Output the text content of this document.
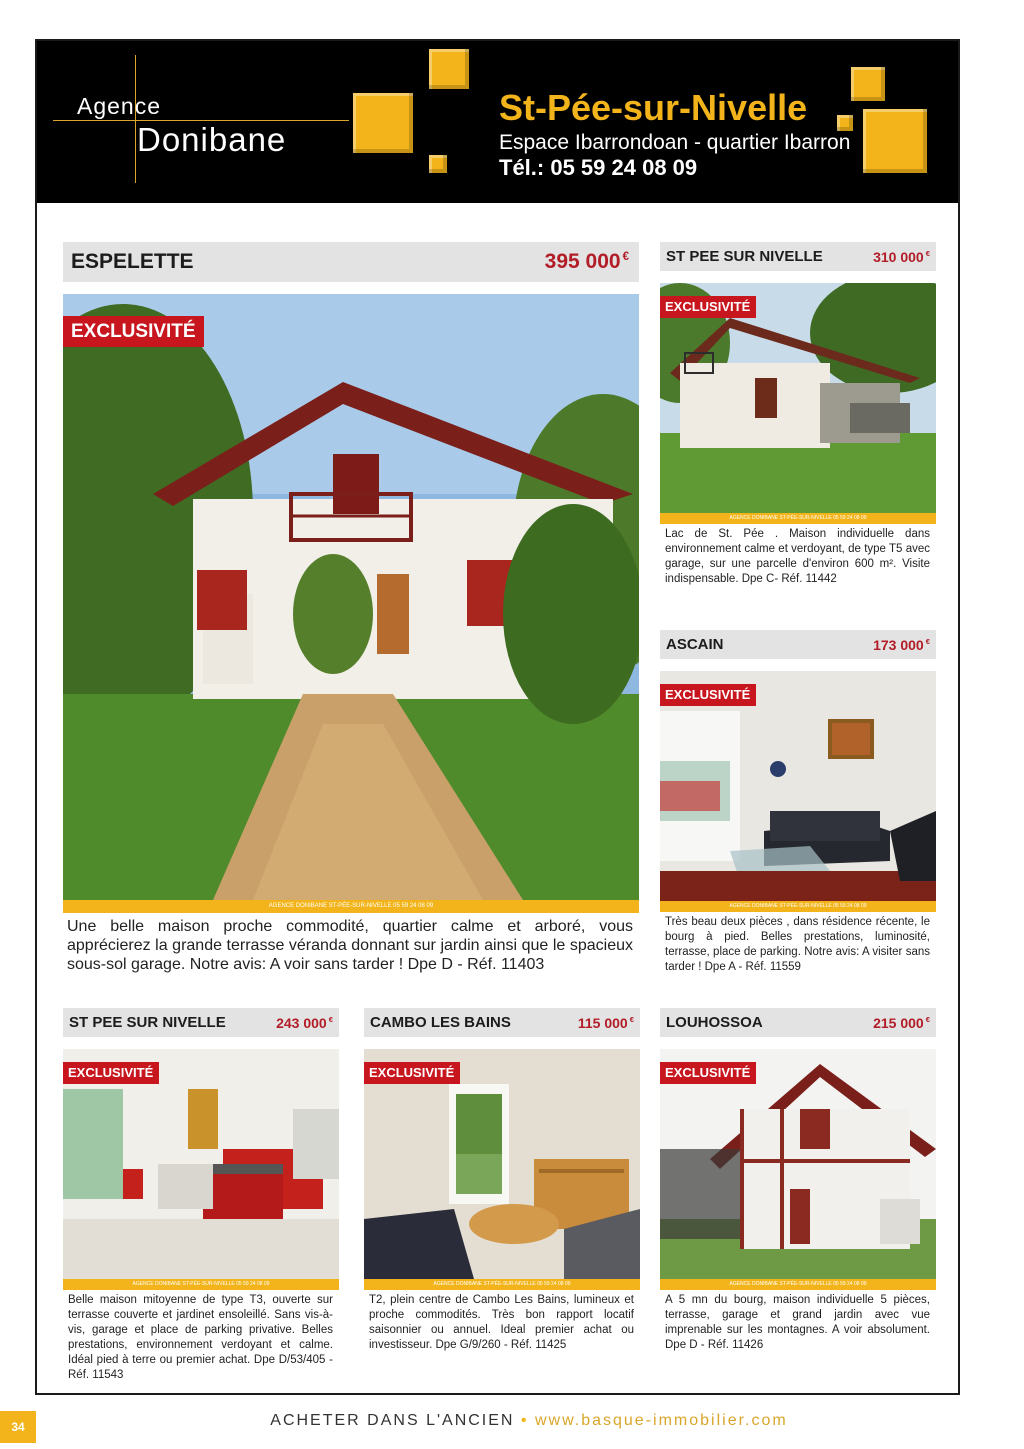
Agence
Donibane
St-Pée-sur-Nivelle
Espace Ibarrondoan - quartier Ibarron
Tél.: 05 59 24 08 09
ESPELETTE	395 000 €
EXCLUSIVITÉ
AGENCE DONIBANE ST-PÉE-SUR-NIVELLE 05 59 24 08 09
Une belle maison proche commodité, quartier calme et arboré, vous apprécierez la grande terrasse véranda donnant sur jardin ainsi que le spacieux sous-sol garage. Notre avis: A voir sans tarder ! Dpe D - Réf. 11403
ST PEE SUR NIVELLE	310 000 €
EXCLUSIVITÉ
AGENCE DONIBANE ST-PÉE-SUR-NIVELLE 05 59 24 08 09
Lac de St. Pée . Maison individuelle dans environnement calme et verdoyant, de type T5 avec garage, sur une parcelle d'environ 600 m². Visite indispensable. Dpe C- Réf. 11442
ASCAIN	173 000 €
EXCLUSIVITÉ
AGENCE DONIBANE ST-PÉE-SUR-NIVELLE 05 59 24 08 09
Très beau deux pièces , dans résidence récente, le bourg à pied. Belles prestations, luminosité, terrasse, place de parking. Notre avis: A visiter sans tarder ! Dpe A - Réf. 11559
ST PEE SUR NIVELLE	243 000 €
EXCLUSIVITÉ
AGENCE DONIBANE ST-PÉE-SUR-NIVELLE 05 59 24 08 09
Belle maison mitoyenne de type T3, ouverte sur terrasse couverte et jardinet ensoleillé. Sans vis-à-vis, garage et place de parking privative. Belles prestations, environnement verdoyant et calme. Idéal pied à terre ou premier achat. Dpe D/53/405 - Réf. 11543
CAMBO LES BAINS	115 000 €
EXCLUSIVITÉ
AGENCE DONIBANE ST-PÉE-SUR-NIVELLE 05 59 24 08 09
T2, plein centre de Cambo Les Bains, lumineux et proche commodités. Très bon rapport locatif saisonnier ou annuel. Ideal premier achat ou investisseur. Dpe G/9/260 - Réf. 11425
LOUHOSSOA	215 000 €
EXCLUSIVITÉ
AGENCE DONIBANE ST-PÉE-SUR-NIVELLE 05 59 24 08 09
A 5 mn du bourg, maison individuelle 5 pièces, terrasse, garage et grand jardin avec vue imprenable sur les montagnes. A voir absolument. Dpe D - Réf. 11426
34	ACHETER DANS L'ANCIEN • www.basque-immobilier.com
